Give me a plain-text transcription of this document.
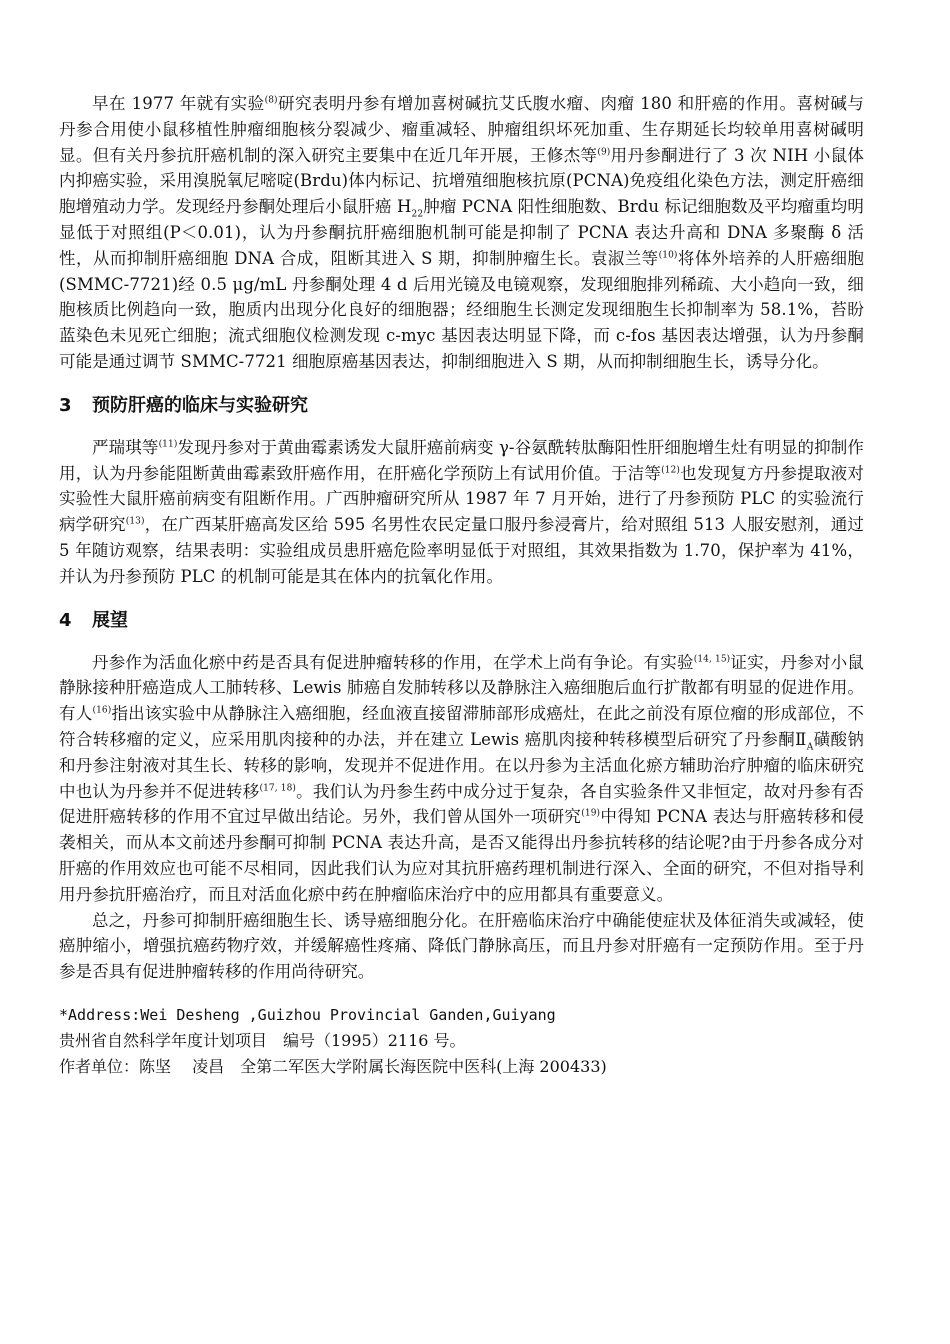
早在 1977 年就有实验$^{(8)}$研究表明丹参有增加喜树碱抗艾氏腹水瘤、肉瘤 180 和肝癌的作用。喜树碱与丹参合用使小鼠移植性肿瘤细胞核分裂减少、瘤重减轻、肿瘤组织坏死加重、生存期延长均较单用喜树碱明显。但有关丹参抗肝癌机制的深入研究主要集中在近几年开展，王修杰等$^{(9)}$用丹参酮进行了 3 次 NIH 小鼠体内抑癌实验，采用溴脱氧尼嘧啶(Brdu)体内标记、抗增殖细胞核抗原(PCNA)免疫组化染色方法，测定肝癌细胞增殖动力学。发现经丹参酮处理后小鼠肝癌 $H_{22}$肿瘤 PCNA 阳性细胞数、Brdu 标记细胞数及平均瘤重均明显低于对照组(P＜0.01)，认为丹参酮抗肝癌细胞机制可能是抑制了 PCNA 表达升高和 DNA 多聚酶 δ 活性，从而抑制肝癌细胞 DNA 合成，阻断其进入 S 期，抑制肿瘤生长。袁淑兰等$^{(10)}$将体外培养的人肝癌细胞(SMMC-7721)经 0.5 μg/mL 丹参酮处理 4 d 后用光镜及电镜观察，发现细胞排列稀疏、大小趋向一致，细胞核质比例趋向一致，胞质内出现分化良好的细胞器；经细胞生长测定发现细胞生长抑制率为 58.1%，苔盼蓝染色未见死亡细胞；流式细胞仪检测发现 c-myc 基因表达明显下降，而 c-fos 基因表达增强，认为丹参酮可能是通过调节 SMMC-7721 细胞原癌基因表达，抑制细胞进入 S 期，从而抑制细胞生长，诱导分化。

3 预防肝癌的临床与实验研究

严瑞琪等$^{(11)}$发现丹参对于黄曲霉素诱发大鼠肝癌前病变 γ-谷氨酰转肽酶阳性肝细胞增生灶有明显的抑制作用，认为丹参能阻断黄曲霉素致肝癌作用，在肝癌化学预防上有试用价值。于洁等$^{(12)}$也发现复方丹参提取液对实验性大鼠肝癌前病变有阻断作用。广西肿瘤研究所从 1987 年 7 月开始，进行了丹参预防 PLC 的实验流行病学研究$^{(13)}$，在广西某肝癌高发区给 595 名男性农民定量口服丹参浸膏片，给对照组 513 人服安慰剂，通过 5 年随访观察，结果表明：实验组成员患肝癌危险率明显低于对照组，其效果指数为 1.70，保护率为 41%，并认为丹参预防 PLC 的机制可能是其在体内的抗氧化作用。

4 展望

丹参作为活血化瘀中药是否具有促进肿瘤转移的作用，在学术上尚有争论。有实验$^{(14, 15)}$证实，丹参对小鼠静脉接种肝癌造成人工肺转移、Lewis 肺癌自发肺转移以及静脉注入癌细胞后血行扩散都有明显的促进作用。有人$^{(16)}$指出该实验中从静脉注入癌细胞，经血液直接留滞肺部形成癌灶，在此之前没有原位瘤的形成部位，不符合转移瘤的定义，应采用肌肉接种的办法，并在建立 Lewis 癌肌肉接种转移模型后研究了丹参酮$Ⅱ_A$磺酸钠和丹参注射液对其生长、转移的影响，发现并不促进作用。在以丹参为主活血化瘀方辅助治疗肿瘤的临床研究中也认为丹参并不促进转移$^{(17, 18)}$。我们认为丹参生药中成分过于复杂，各自实验条件又非恒定，故对丹参有否促进肝癌转移的作用不宜过早做出结论。另外，我们曾从国外一项研究$^{(19)}$中得知 PCNA 表达与肝癌转移和侵袭相关，而从本文前述丹参酮可抑制 PCNA 表达升高，是否又能得出丹参抗转移的结论呢?由于丹参各成分对肝癌的作用效应也可能不尽相同，因此我们认为应对其抗肝癌药理机制进行深入、全面的研究，不但对指导利用丹参抗肝癌治疗，而且对活血化瘀中药在肿瘤临床治疗中的应用都具有重要意义。

总之，丹参可抑制肝癌细胞生长、诱导癌细胞分化。在肝癌临床治疗中确能使症状及体征消失或减轻，使癌肿缩小，增强抗癌药物疗效，并缓解癌性疼痛、降低门静脉高压，而且丹参对肝癌有一定预防作用。至于丹参是否具有促进肿瘤转移的作用尚待研究。

*Address:Wei Desheng ,Guizhou Provincial Ganden,Guiyang
贵州省自然科学年度计划项目　编号（1995）2116 号。
作者单位：陈坚　 凌昌　全第二军医大学附属长海医院中医科(上海 200433)
